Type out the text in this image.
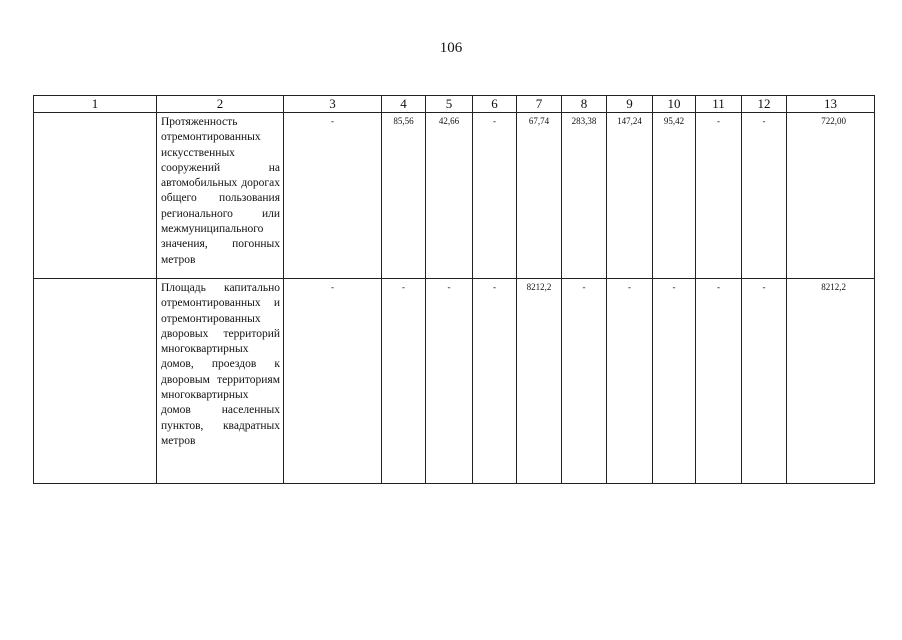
106
1	2	3	4	5	6	7	8	9	10	11	12	13
	Протяженность отремонтированных искусственных сооружений на автомобильных дорогах общего пользования регионального или межмуниципального значения, погонных метров	-	85,56	42,66	-	67,74	283,38	147,24	95,42	-	-	722,00
	Площадь капитально отремонтированных и отремонтированных дворовых территорий многоквартирных домов, проездов к дворовым территориям многоквартирных домов населенных пунктов, квадратных метров	-	-	-	-	8212,2	-	-	-	-	-	8212,2
